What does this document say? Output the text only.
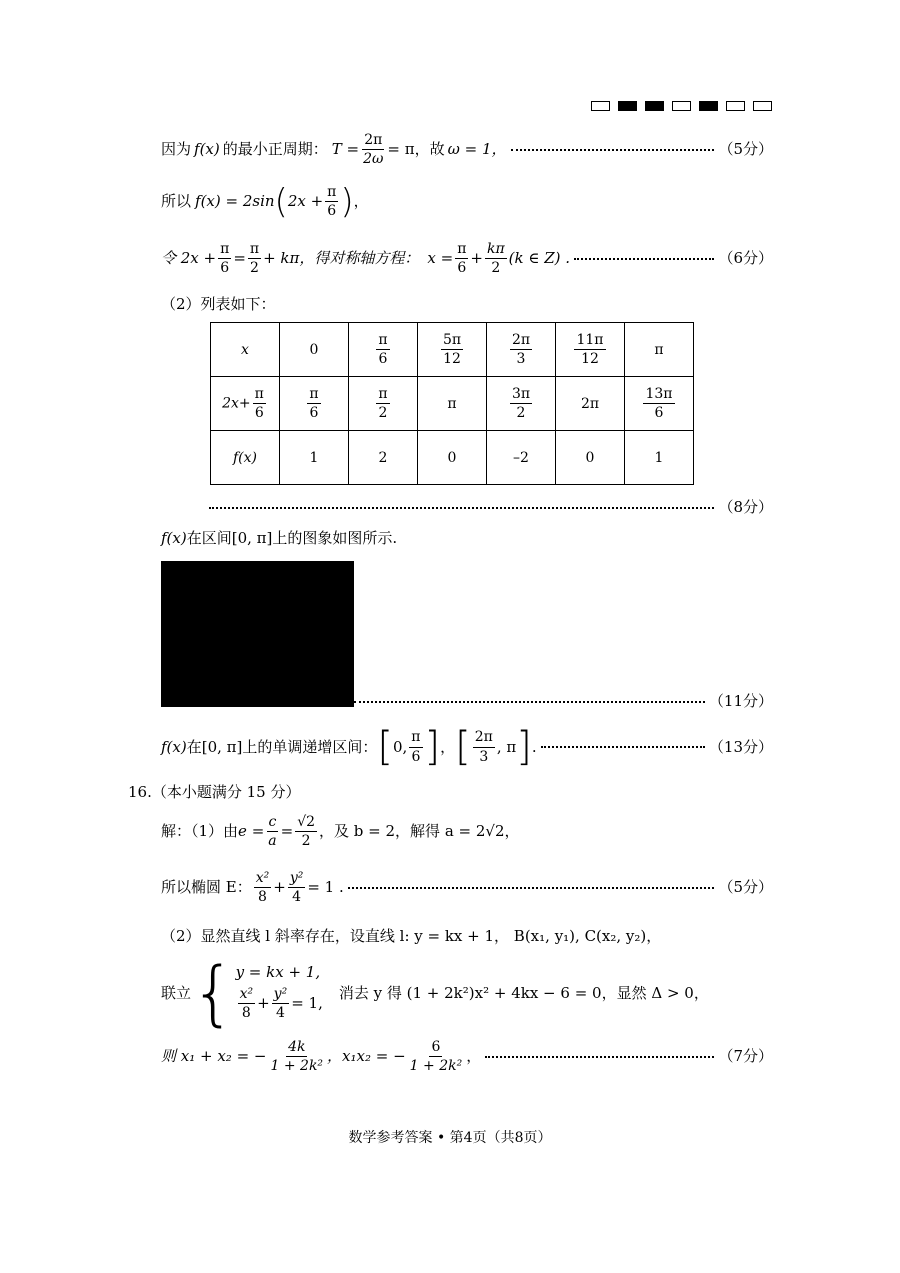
因为 f(x) 的最小正周期： $T = \frac{2\pi}{2\omega} = \pi$，故 ω = 1，	（5分）
所以 f(x) = 2sin ( $2x + \frac{\pi}{6}$ ) ，
令 $2x + \frac{\pi}{6} = \frac{\pi}{2} + k\pi$，得对称轴方程： $x = \frac{\pi}{6} + \frac{k\pi}{2} (k$ ∈ Z) .	（6分）
（2）列表如下：
x	0	$\frac{\pi}{6}$	$\frac{5\pi}{12}$	$\frac{2\pi}{3}$	$\frac{11\pi}{12}$	π
$2x+ \frac{\pi}{6}$	$\frac{\pi}{6}$	$\frac{\pi}{2}$	π	$\frac{3\pi}{2}$	2π	$\frac{13\pi}{6}$

f(x)	1	2	0	–2	0	1
（8分）
f(x) 在区间[0, π]上的图象如图所示.
（11分）
f(x) 在[0, π]上的单调递增区间： [ 0, $\frac{\pi}{6}$ ] ， [ $\frac{2\pi}{3}$ , π ] .	（13分）
16.（本小题满分 15 分）
解：（1）由 $e = \frac{c}{a} = \frac{√2}{2}$ ，及 b = 2，解得 a = 2√2，
所以椭圆 E： $\frac{\text{x²}}{8} + \frac{\text{y²}}{4} = 1$ .	（5分）
（2）显然直线 l 斜率存在，设直线 l: y = kx + 1， B(x₁, y₁), C(x₂, y₂)，
联立 { y = kx + 1,
$\frac{\text{x²}}{8} + \frac{\text{y²}}{4} = 1$,
消去 y 得 (1 + 2k²)x² + 4kx − 6 = 0，显然 Δ > 0，
则 x₁ + x₂ = − $\frac{4k}{\text{1 + 2k²}}$ ，x₁x₂ = − $\frac{6}{\text{1 + 2k²}}$ ，	（7分）
数学参考答案 • 第4页（共8页）
